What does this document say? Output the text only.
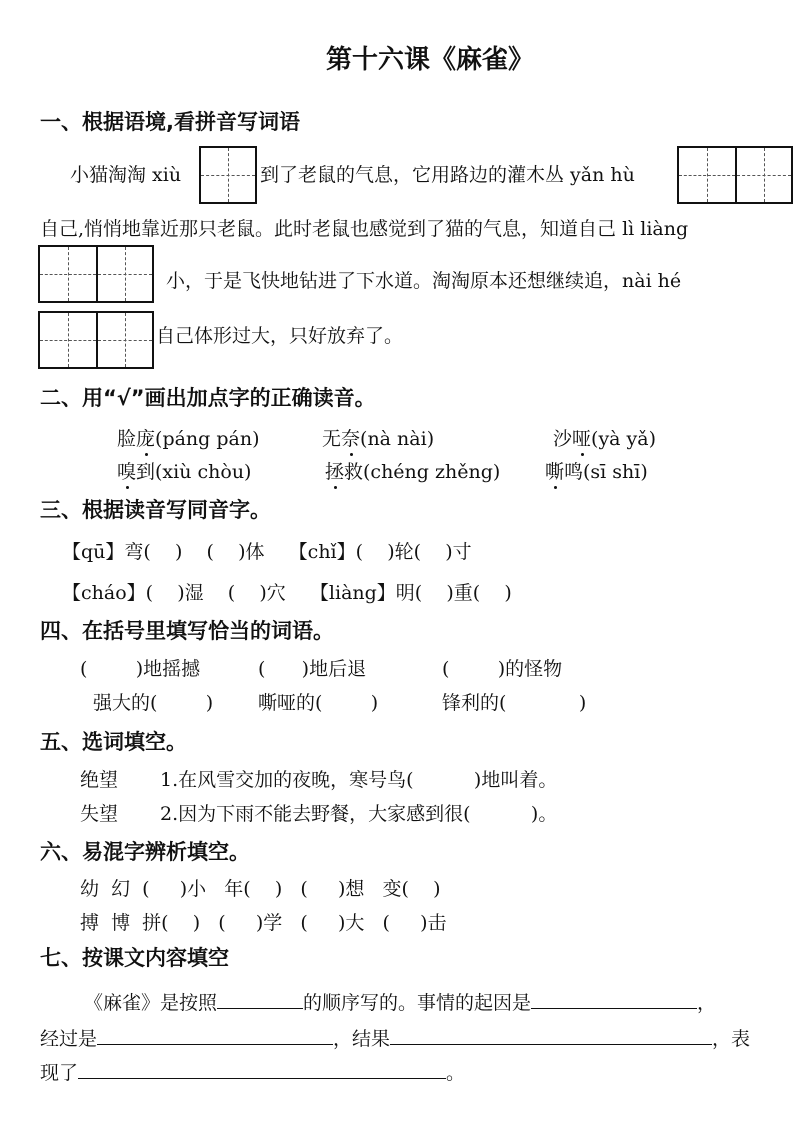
第十六课《麻雀》
一、根据语境,看拼音写词语
小猫淘淘 xiù	到了老鼠的气息，它用路边的灌木丛 yǎn hù
自己,悄悄地靠近那只老鼠。此时老鼠也感觉到了猫的气息，知道自己 lì liàng
小，于是飞快地钻进了下水道。淘淘原本还想继续追，nài hé
自己体形过大，只好放弃了。
二、用“√”画出加点字的正确读音。
脸庞(páng pán)	无奈(nà nài)	沙哑(yà yǎ)
嗅到(xiù chòu)	拯救(chéng zhěng) 嘶鸣(sī shī)
三、根据读音写同音字。
【qū】弯(    )    (    )体    【chǐ】(    )轮(    )寸
【cháo】(    )湿    (    )穴    【liàng】明(    )重(    )
四、在括号里填写恰当的词语。
(        )地摇撼	(      )地后退	(        )的怪物
强大的(        ) 嘶哑的(        )	锋利的(            )
五、选词填空。
绝望 1.在风雪交加的夜晚，寒号鸟(          )地叫着。
失望 2.因为下雨不能去野餐，大家感到很(          )。
六、易混字辨析填空。
幼  幻  (     )小   年(    )   (     )想   变(    )
搏  博  拼(    )   (     )学   (     )大   (     )击
七、按课文内容填空
《麻雀》是按照	的顺序写的。事情的起因是	，
经过是	，结果	，表
现了	。
